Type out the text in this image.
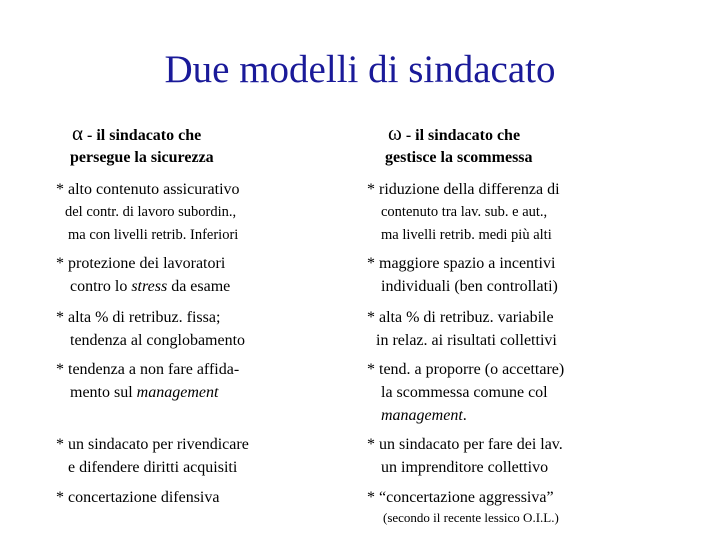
Due modelli di sindacato
α - il sindacato che
persegue la sicurezza
ω - il sindacato che
gestisce la scommessa
* alto contenuto assicurativo
del contr. di lavoro subordin.,
ma con livelli retrib. Inferiori
* protezione dei lavoratori
contro lo stress da esame
* alta % di retribuz. fissa;
tendenza al conglobamento
* tendenza a non fare affida-
mento sul management
* un sindacato per rivendicare
e difendere diritti acquisiti
* concertazione difensiva
* riduzione della differenza di
contenuto tra lav. sub. e aut.,
ma livelli retrib. medi più alti
* maggiore spazio a incentivi
individuali (ben controllati)
* alta % di retribuz. variabile
in relaz. ai risultati collettivi
* tend. a proporre (o accettare)
la scommessa comune col
management.
* un sindacato per fare dei lav.
un imprenditore collettivo
* “concertazione aggressiva”
(secondo il recente lessico O.I.L.)
